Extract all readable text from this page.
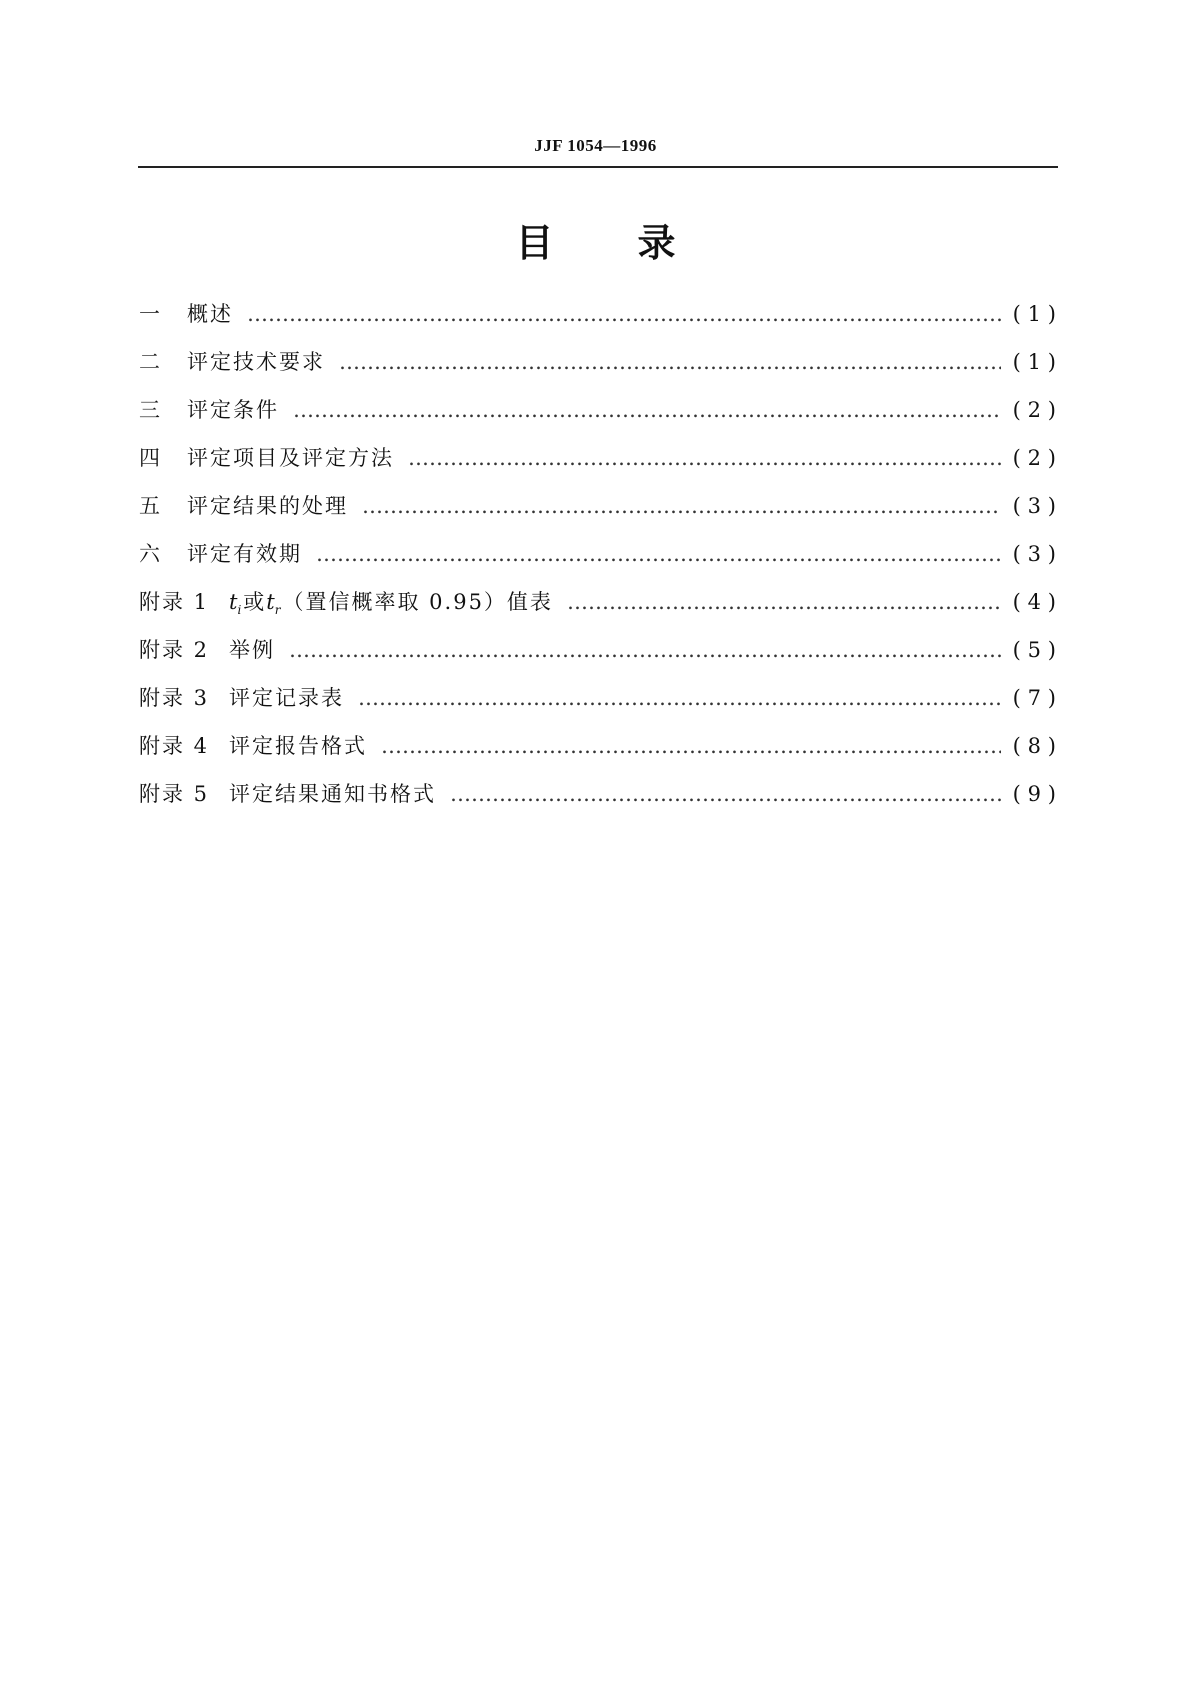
JJF 1054—1996
目 录
一	概述 ………………………………………………………………………………………………………………………………………………………………	( 1 )
二	评定技术要求 ………………………………………………………………………………………………………………………………………………………………	( 1 )
三	评定条件 ………………………………………………………………………………………………………………………………………………………………	( 2 )
四	评定项目及评定方法 ………………………………………………………………………………………………………………………………………………………………	( 2 )
五	评定结果的处理 ………………………………………………………………………………………………………………………………………………………………	( 3 )
六	评定有效期 ………………………………………………………………………………………………………………………………………………………………	( 3 )
附录 1 $t_i$或$t_r$（置信概率取 0.95）值表 ………………………………………………………………………………………………………………………………………………………………	( 4 )
附录 2 举例 ………………………………………………………………………………………………………………………………………………………………	( 5 )
附录 3 评定记录表 ………………………………………………………………………………………………………………………………………………………………	( 7 )
附录 4 评定报告格式 ………………………………………………………………………………………………………………………………………………………………	( 8 )
附录 5 评定结果通知书格式 ………………………………………………………………………………………………………………………………………………………………	( 9 )
